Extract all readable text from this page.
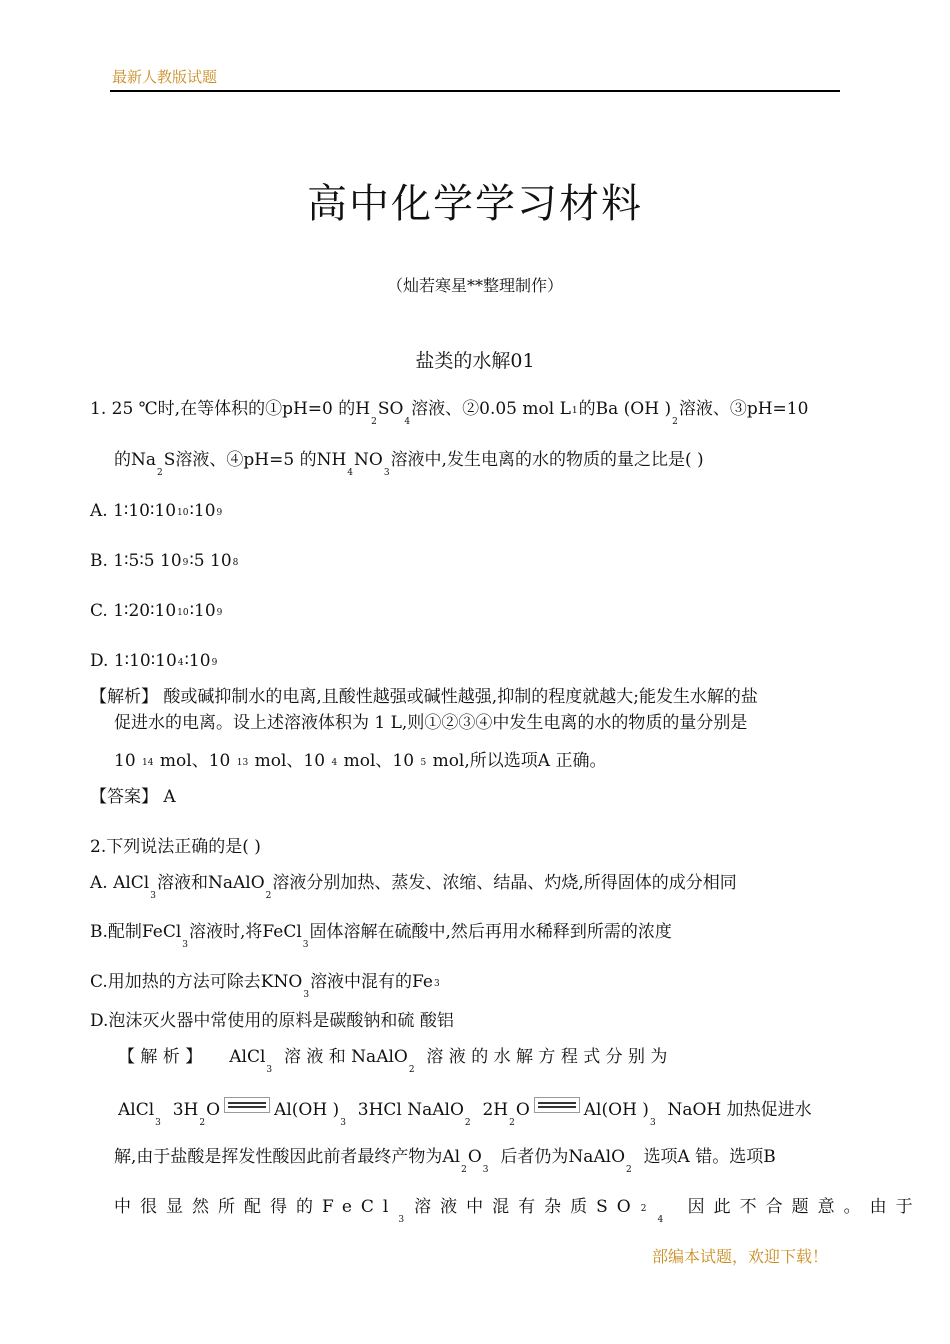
最新人教版试题
高中化学学习材料
（灿若寒星**整理制作）
盐类的水解01
1. 25 ℃时,在等体积的①pH=0 的$H_2SO_4$溶液、②0.05 mol $L^1$的Ba (OH )$_2$溶液、③pH=10
的$Na_2S$溶液、④pH=5 的$NH_4NO_3$溶液中,发生电离的水的物质的量之比是( )
A. $1∶10∶10^{10}∶10^9$
B. 1∶5∶5 $10^9∶5$ $10^8$
C. $1∶20∶10^{10}∶10^9$
D. $1∶10∶10^4∶10^9$
【解析】 酸或碱抑制水的电离,且酸性越强或碱性越强,抑制的程度就越大;能发生水解的盐
促进水的电离。设上述溶液体积为 1 L,则①②③④中发生电离的水的物质的量分别是
10 $^{14}$ mol、10 $^{13}$ mol、10 $^4$ mol、10 $^5$ mol,所以选项A 正确。
【答案】 A
2.下列说法正确的是( )
A. AlCl$_3$溶液和NaAlO$_2$溶液分别加热、蒸发、浓缩、结晶、灼烧,所得固体的成分相同
B.配制FeCl$_3$溶液时,将FeCl$_3$固体溶解在硫酸中,然后再用水稀释到所需的浓度
C.用加热的方法可除去$KNO_3$溶液中混有的Fe$^3$
D.泡沫灭火器中常使用的原料是碳酸钠和硫 酸铝
【 解 析 】 AlCl$_3$  溶 液 和 NaAlO$_2$  溶 液 的 水 解 方 程 式 分 别 为
AlCl$_3$  $3H_2O$	Al(OH )$_3$  3HCl NaAlO$_2$  $2H_2O$	Al(OH )$_3$  NaOH 加热促进水
解,由于盐酸是挥发性酸因此前者最终产物为$Al_2O_3$  后者仍为NaAlO$_2$  选项A 错。选项B
中很显然所配得的FeCl$_3$溶液中混有杂质$SO^2_4$ 因此不合题意。由于
部编本试题，欢迎下载！
